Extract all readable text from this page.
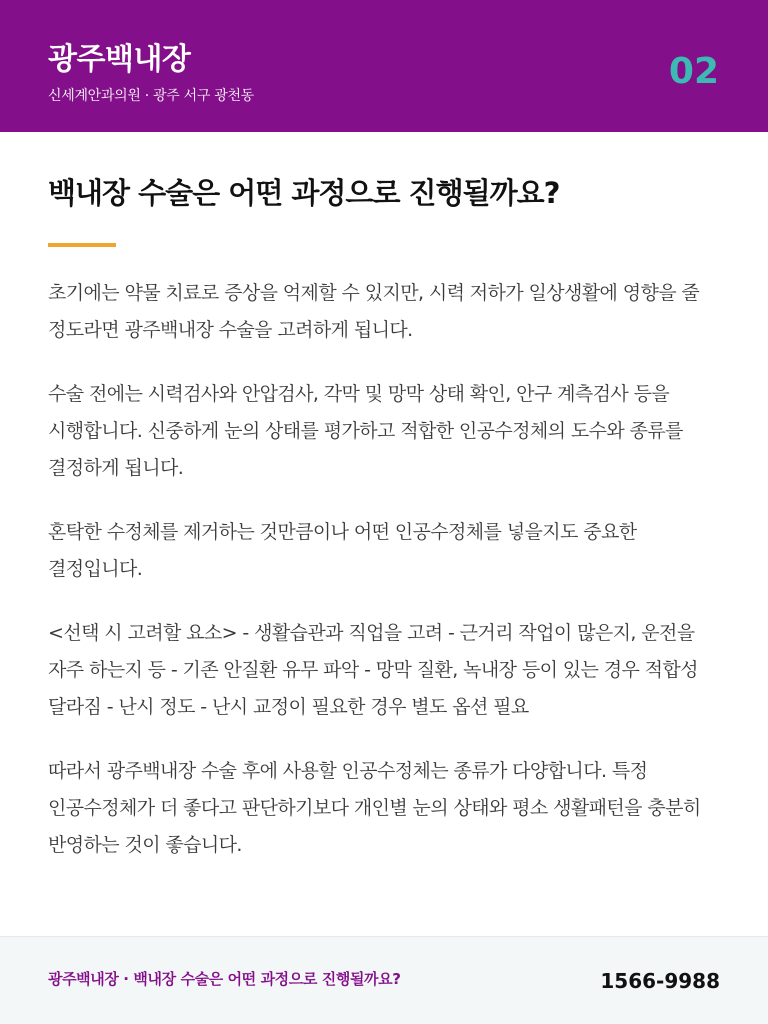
광주백내장
신세계안과의원 · 광주 서구 광천동
02
백내장 수술은 어떤 과정으로 진행될까요?

초기에는 약물 치료로 증상을 억제할 수 있지만, 시력 저하가 일상생활에 영향을 줄 정도라면 광주백내장 수술을 고려하게 됩니다.

수술 전에는 시력검사와 안압검사, 각막 및 망막 상태 확인, 안구 계측검사 등을 시행합니다. 신중하게 눈의 상태를 평가하고 적합한 인공수정체의 도수와 종류를 결정하게 됩니다.

혼탁한 수정체를 제거하는 것만큼이나 어떤 인공수정체를 넣을지도 중요한 결정입니다.

<선택 시 고려할 요소> - 생활습관과 직업을 고려 - 근거리 작업이 많은지, 운전을 자주 하는지 등 - 기존 안질환 유무 파악 - 망막 질환, 녹내장 등이 있는 경우 적합성 달라짐 - 난시 정도 - 난시 교정이 필요한 경우 별도 옵션 필요

따라서 광주백내장 수술 후에 사용할 인공수정체는 종류가 다양합니다. 특정 인공수정체가 더 좋다고 판단하기보다 개인별 눈의 상태와 평소 생활패턴을 충분히 반영하는 것이 좋습니다.

광주백내장 · 백내장 수술은 어떤 과정으로 진행될까요?	1566-9988
